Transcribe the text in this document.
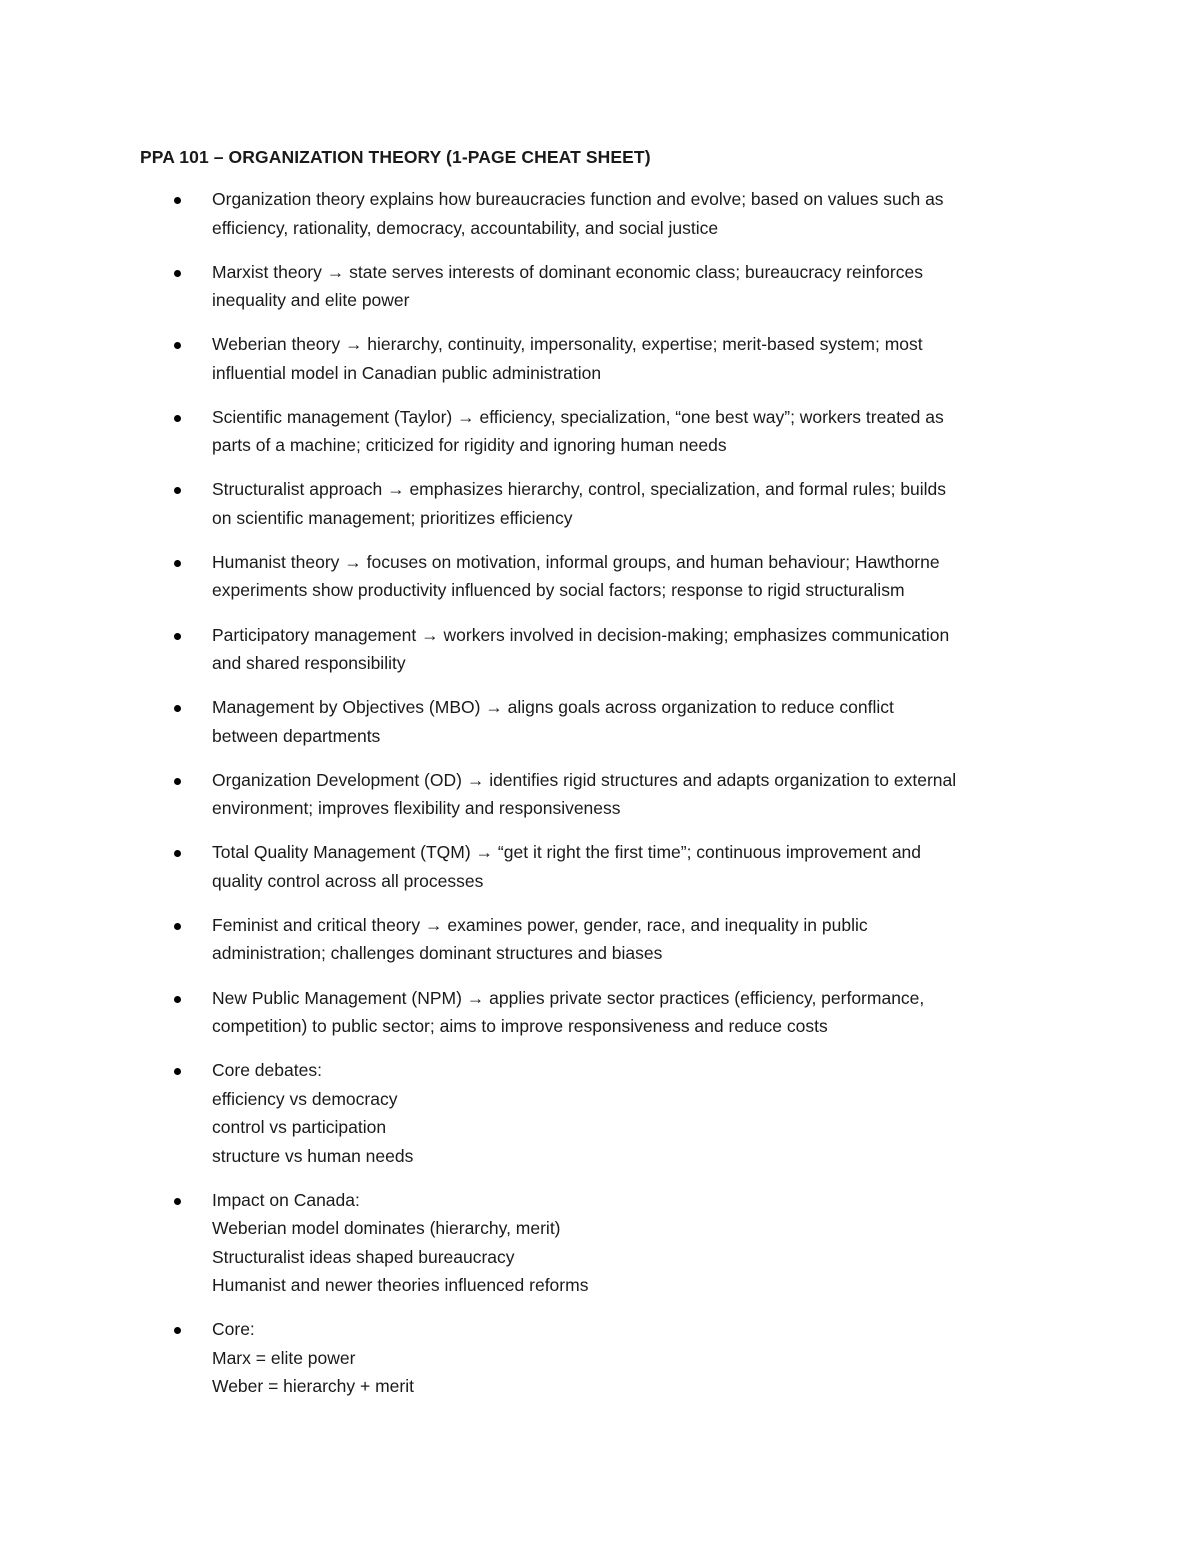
PPA 101 – ORGANIZATION THEORY (1-PAGE CHEAT SHEET)
Organization theory explains how bureaucracies function and evolve; based on values such as
efficiency, rationality, democracy, accountability, and social justice
Marxist theory → state serves interests of dominant economic class; bureaucracy reinforces
inequality and elite power
Weberian theory → hierarchy, continuity, impersonality, expertise; merit-based system; most
influential model in Canadian public administration
Scientific management (Taylor) → efficiency, specialization, “one best way”; workers treated as
parts of a machine; criticized for rigidity and ignoring human needs
Structuralist approach → emphasizes hierarchy, control, specialization, and formal rules; builds
on scientific management; prioritizes efficiency
Humanist theory → focuses on motivation, informal groups, and human behaviour; Hawthorne
experiments show productivity influenced by social factors; response to rigid structuralism
Participatory management → workers involved in decision-making; emphasizes communication
and shared responsibility
Management by Objectives (MBO) → aligns goals across organization to reduce conflict
between departments
Organization Development (OD) → identifies rigid structures and adapts organization to external
environment; improves flexibility and responsiveness
Total Quality Management (TQM) → “get it right the first time”; continuous improvement and
quality control across all processes
Feminist and critical theory → examines power, gender, race, and inequality in public
administration; challenges dominant structures and biases
New Public Management (NPM) → applies private sector practices (efficiency, performance,
competition) to public sector; aims to improve responsiveness and reduce costs
Core debates:
efficiency vs democracy
control vs participation
structure vs human needs
Impact on Canada:
Weberian model dominates (hierarchy, merit)
Structuralist ideas shaped bureaucracy
Humanist and newer theories influenced reforms
Core:
Marx = elite power
Weber = hierarchy + merit
